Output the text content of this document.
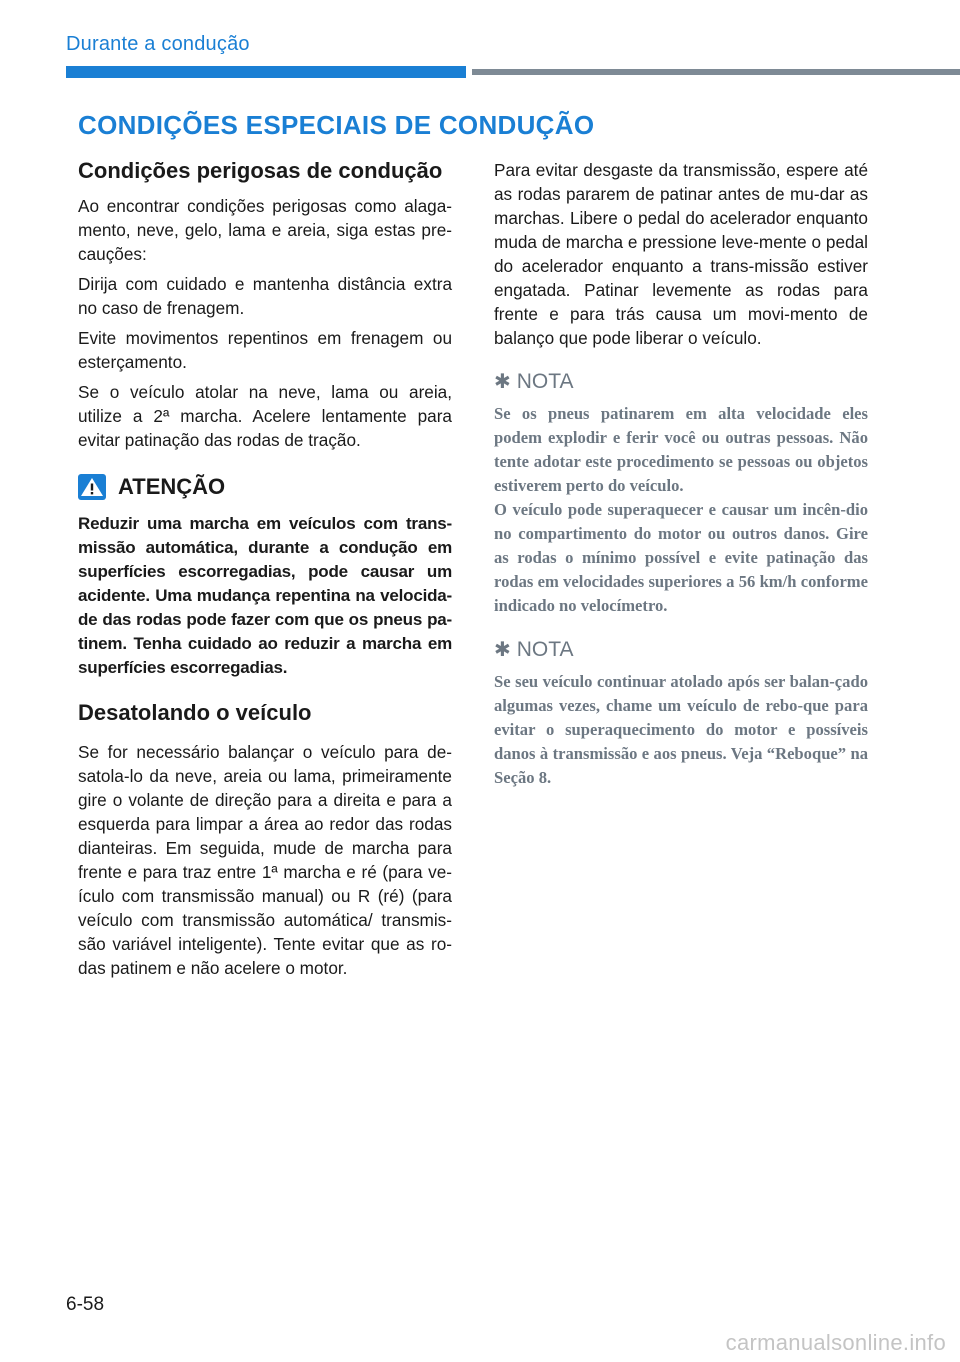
Durante a condução
CONDIÇÕES ESPECIAIS DE CONDUÇÃO
Condições perigosas de condução

Ao encontrar condições perigosas como alaga-mento, neve, gelo, lama e areia, siga estas pre-cauções:

Dirija com cuidado e mantenha distância extra no caso de frenagem.

Evite movimentos repentinos em frenagem ou esterçamento.

Se o veículo atolar na neve, lama ou areia, utilize a 2ª marcha. Acelere lentamente para evitar patinação das rodas de tração.

ATENÇÃO

Reduzir uma marcha em veículos com trans-missão automática, durante a condução em superfícies escorregadias, pode causar um acidente. Uma mudança repentina na velocida-de das rodas pode fazer com que os pneus pa-tinem. Tenha cuidado ao reduzir a marcha em superfícies escorregadias.

Desatolando o veículo

Se for necessário balançar o veículo para de-satola-lo da neve, areia ou lama, primeiramente gire o volante de direção para a direita e para a esquerda para limpar a área ao redor das rodas dianteiras. Em seguida, mude de marcha para frente e para traz entre 1ª marcha e ré (para ve-ículo com transmissão manual) ou R (ré) (para veículo com transmissão automática/ transmis-são variável inteligente). Tente evitar que as ro-das patinem e não acelere o motor.

Para evitar desgaste da transmissão, espere até as rodas pararem de patinar antes de mu-dar as marchas. Libere o pedal do acelerador enquanto muda de marcha e pressione leve-mente o pedal do acelerador enquanto a trans-missão estiver engatada. Patinar levemente as rodas para frente e para trás causa um movi-mento de balanço que pode liberar o veículo.

✱ NOTA

Se os pneus patinarem em alta velocidade eles podem explodir e ferir você ou outras pessoas. Não tente adotar este procedimento se pessoas ou objetos estiverem perto do veículo.

O veículo pode superaquecer e causar um incên-dio no compartimento do motor ou outros danos. Gire as rodas o mínimo possível e evite patinação das rodas em velocidades superiores a 56 km/h conforme indicado no velocímetro.

✱ NOTA

Se seu veículo continuar atolado após ser balan-çado algumas vezes, chame um veículo de rebo-que para evitar o superaquecimento do motor e possíveis danos à transmissão e aos pneus. Veja “Reboque” na Seção 8.

6-58
carmanualsonline.info
